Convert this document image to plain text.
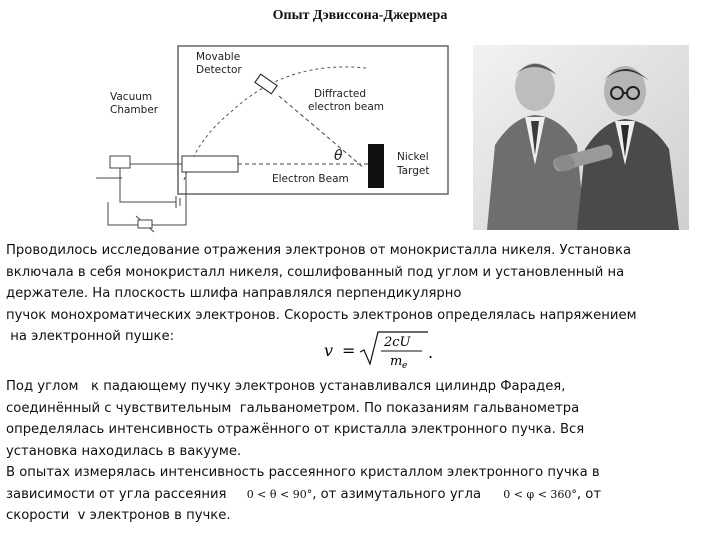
Опыт Дэвиссона-Джермера
Movable
Detector
Vacuum
Chamber
Diffracted
electron beam
θ
Electron Beam
Nickel
Target
Проводилось исследование отражения электронов от монокристалла никеля. Установка
включала в себя монокристалл никеля, сошлифованный под углом и установленный на
держателе. На плоскость шлифа направлялся перпендикулярно
пучок монохроматических электронов. Скорость электронов определялась напряжением
на электронной пушке:
v = 2cU
m e
.
Под углом   к падающему пучку электронов устанавливался цилиндр Фарадея,
соединённый с чувствительным  гальванометром. По показаниям гальванометра
определялась интенсивность отражённого от кристалла электронного пучка. Вся
установка находилась в вакууме.
В опытах измерялась интенсивность рассеянного кристаллом электронного пучка в
зависимости от угла рассеяния 0 < θ < 90°, от азимутального угла 0 < φ < 360°, от
скорости  v электронов в пучке.
